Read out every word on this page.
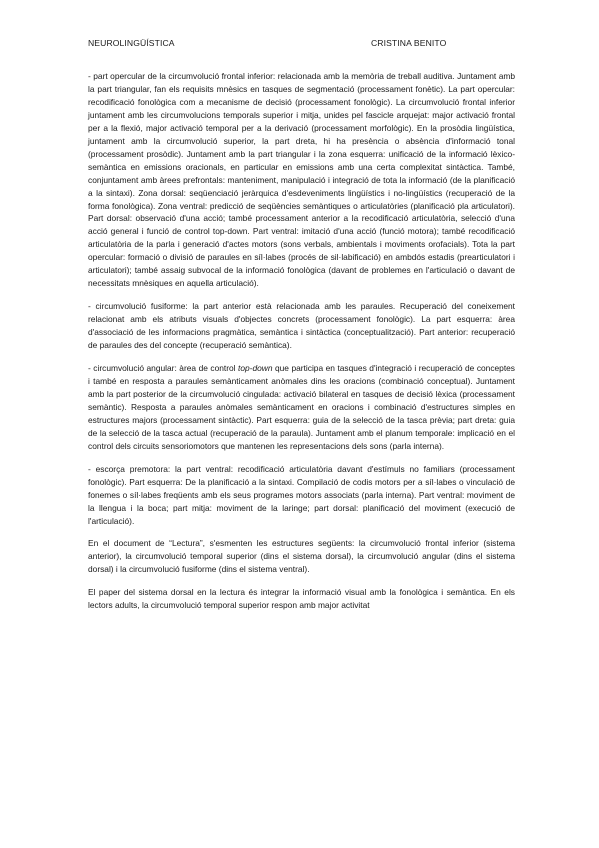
NEUROLINGÜÍSTICA	CRISTINA BENITO

- part opercular de la circumvolució frontal inferior: relacionada amb la memòria de treball auditiva. Juntament amb la part triangular, fan els requisits mnèsics en tasques de segmentació (processament fonètic). La part opercular: recodificació fonològica com a mecanisme de decisió (processament fonològic). La circumvolució frontal inferior juntament amb les circumvolucions temporals superior i mitja, unides pel fascicle arquejat: major activació frontal per a la flexió, major activació temporal per a la derivació (processament morfològic). En la prosòdia lingüística, juntament amb la circumvolució superior, la part dreta, hi ha presència o absència d'informació tonal (processament prosòdic). Juntament amb la part triangular i la zona esquerra: unificació de la informació lèxico-semàntica en emissions oracionals, en particular en emissions amb una certa complexitat sintàctica. També, conjuntament amb àrees prefrontals: manteniment, manipulació i integració de tota la informació (de la planificació a la sintaxi). Zona dorsal: seqüenciació jeràrquica d'esdeveniments lingüístics i no-lingüístics (recuperació de la forma fonològica). Zona ventral: predicció de seqüències semàntiques o articulatòries (planificació pla articulatori). Part dorsal: observació d'una acció; també processament anterior a la recodificació articulatòria, selecció d'una acció general i funció de control top-down. Part ventral: imitació d'una acció (funció motora); també recodificació articulatòria de la parla i generació d'actes motors (sons verbals, ambientals i moviments orofacials). Tota la part opercular: formació o divisió de paraules en síl·labes (procés de sil·labificació) en ambdós estadis (prearticulatori i articulatori); també assaig subvocal de la informació fonològica (davant de problemes en l'articulació o davant de necessitats mnèsiques en aquella articulació).

- circumvolució fusiforme: la part anterior està relacionada amb les paraules. Recuperació del coneixement relacionat amb els atributs visuals d'objectes concrets (processament fonològic). La part esquerra: àrea d'associació de les informacions pragmàtica, semàntica i sintàctica (conceptualització). Part anterior: recuperació de paraules des del concepte (recuperació semàntica).

- circumvolució angular: àrea de control top-down que participa en tasques d'integració i recuperació de conceptes i també en resposta a paraules semànticament anòmales dins les oracions (combinació conceptual). Juntament amb la part posterior de la circumvolució cingulada: activació bilateral en tasques de decisió lèxica (processament semàntic). Resposta a paraules anòmales semànticament en oracions i combinació d'estructures simples en estructures majors (processament sintàctic). Part esquerra: guia de la selecció de la tasca prèvia; part dreta: guia de la selecció de la tasca actual (recuperació de la paraula). Juntament amb el planum temporale: implicació en el control dels circuits sensoriomotors que mantenen les representacions dels sons (parla interna).

- escorça premotora: la part ventral: recodificació articulatòria davant d'estímuls no familiars (processament fonològic). Part esquerra: De la planificació a la sintaxi. Compilació de codis motors per a síl·labes o vinculació de fonemes o síl·labes freqüents amb els seus programes motors associats (parla interna). Part ventral: moviment de la llengua i la boca; part mitja: moviment de la laringe; part dorsal: planificació del moviment (execució de l'articulació).

En el document de “Lectura”, s'esmenten les estructures següents: la circumvolució frontal inferior (sistema anterior), la circumvolució temporal superior (dins el sistema dorsal), la circumvolució angular (dins el sistema dorsal) i la circumvolució fusiforme (dins el sistema ventral).

El paper del sistema dorsal en la lectura és integrar la informació visual amb la fonològica i semàntica. En els lectors adults, la circumvolució temporal superior respon amb major activitat
